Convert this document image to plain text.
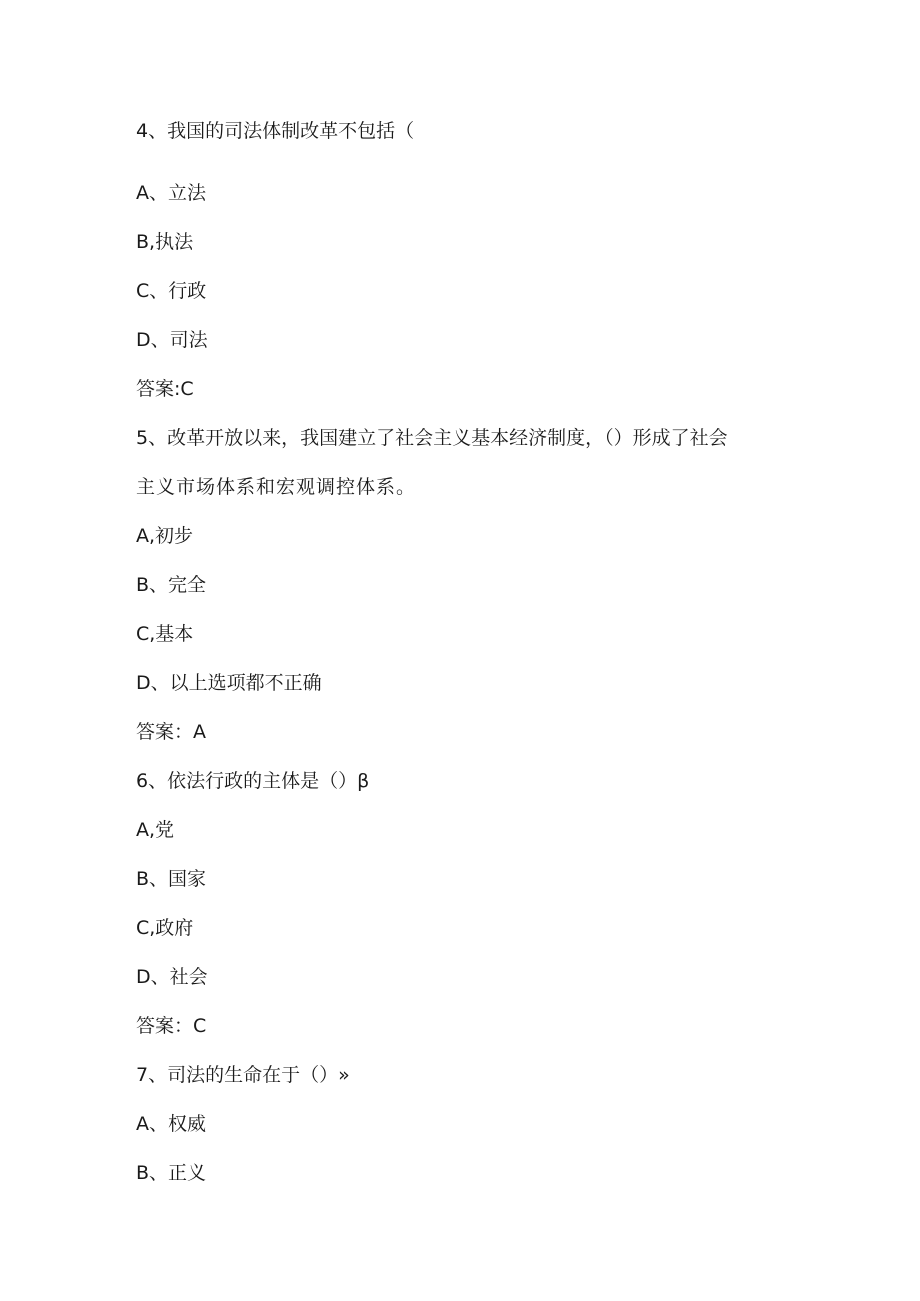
4、我国的司法体制改革不包括（
A、立法
B,执法
C、行政
D、司法
答案:C
5、改革开放以来，我国建立了社会主义基本经济制度，（）形成了社会
主义市场体系和宏观调控体系。
A,初步
B、完全
C,基本
D、以上选项都不正确
答案：A
6、依法行政的主体是（）β
A,党
B、国家
C,政府
D、社会
答案：C
7、司法的生命在于（）»
A、权威
B、正义
